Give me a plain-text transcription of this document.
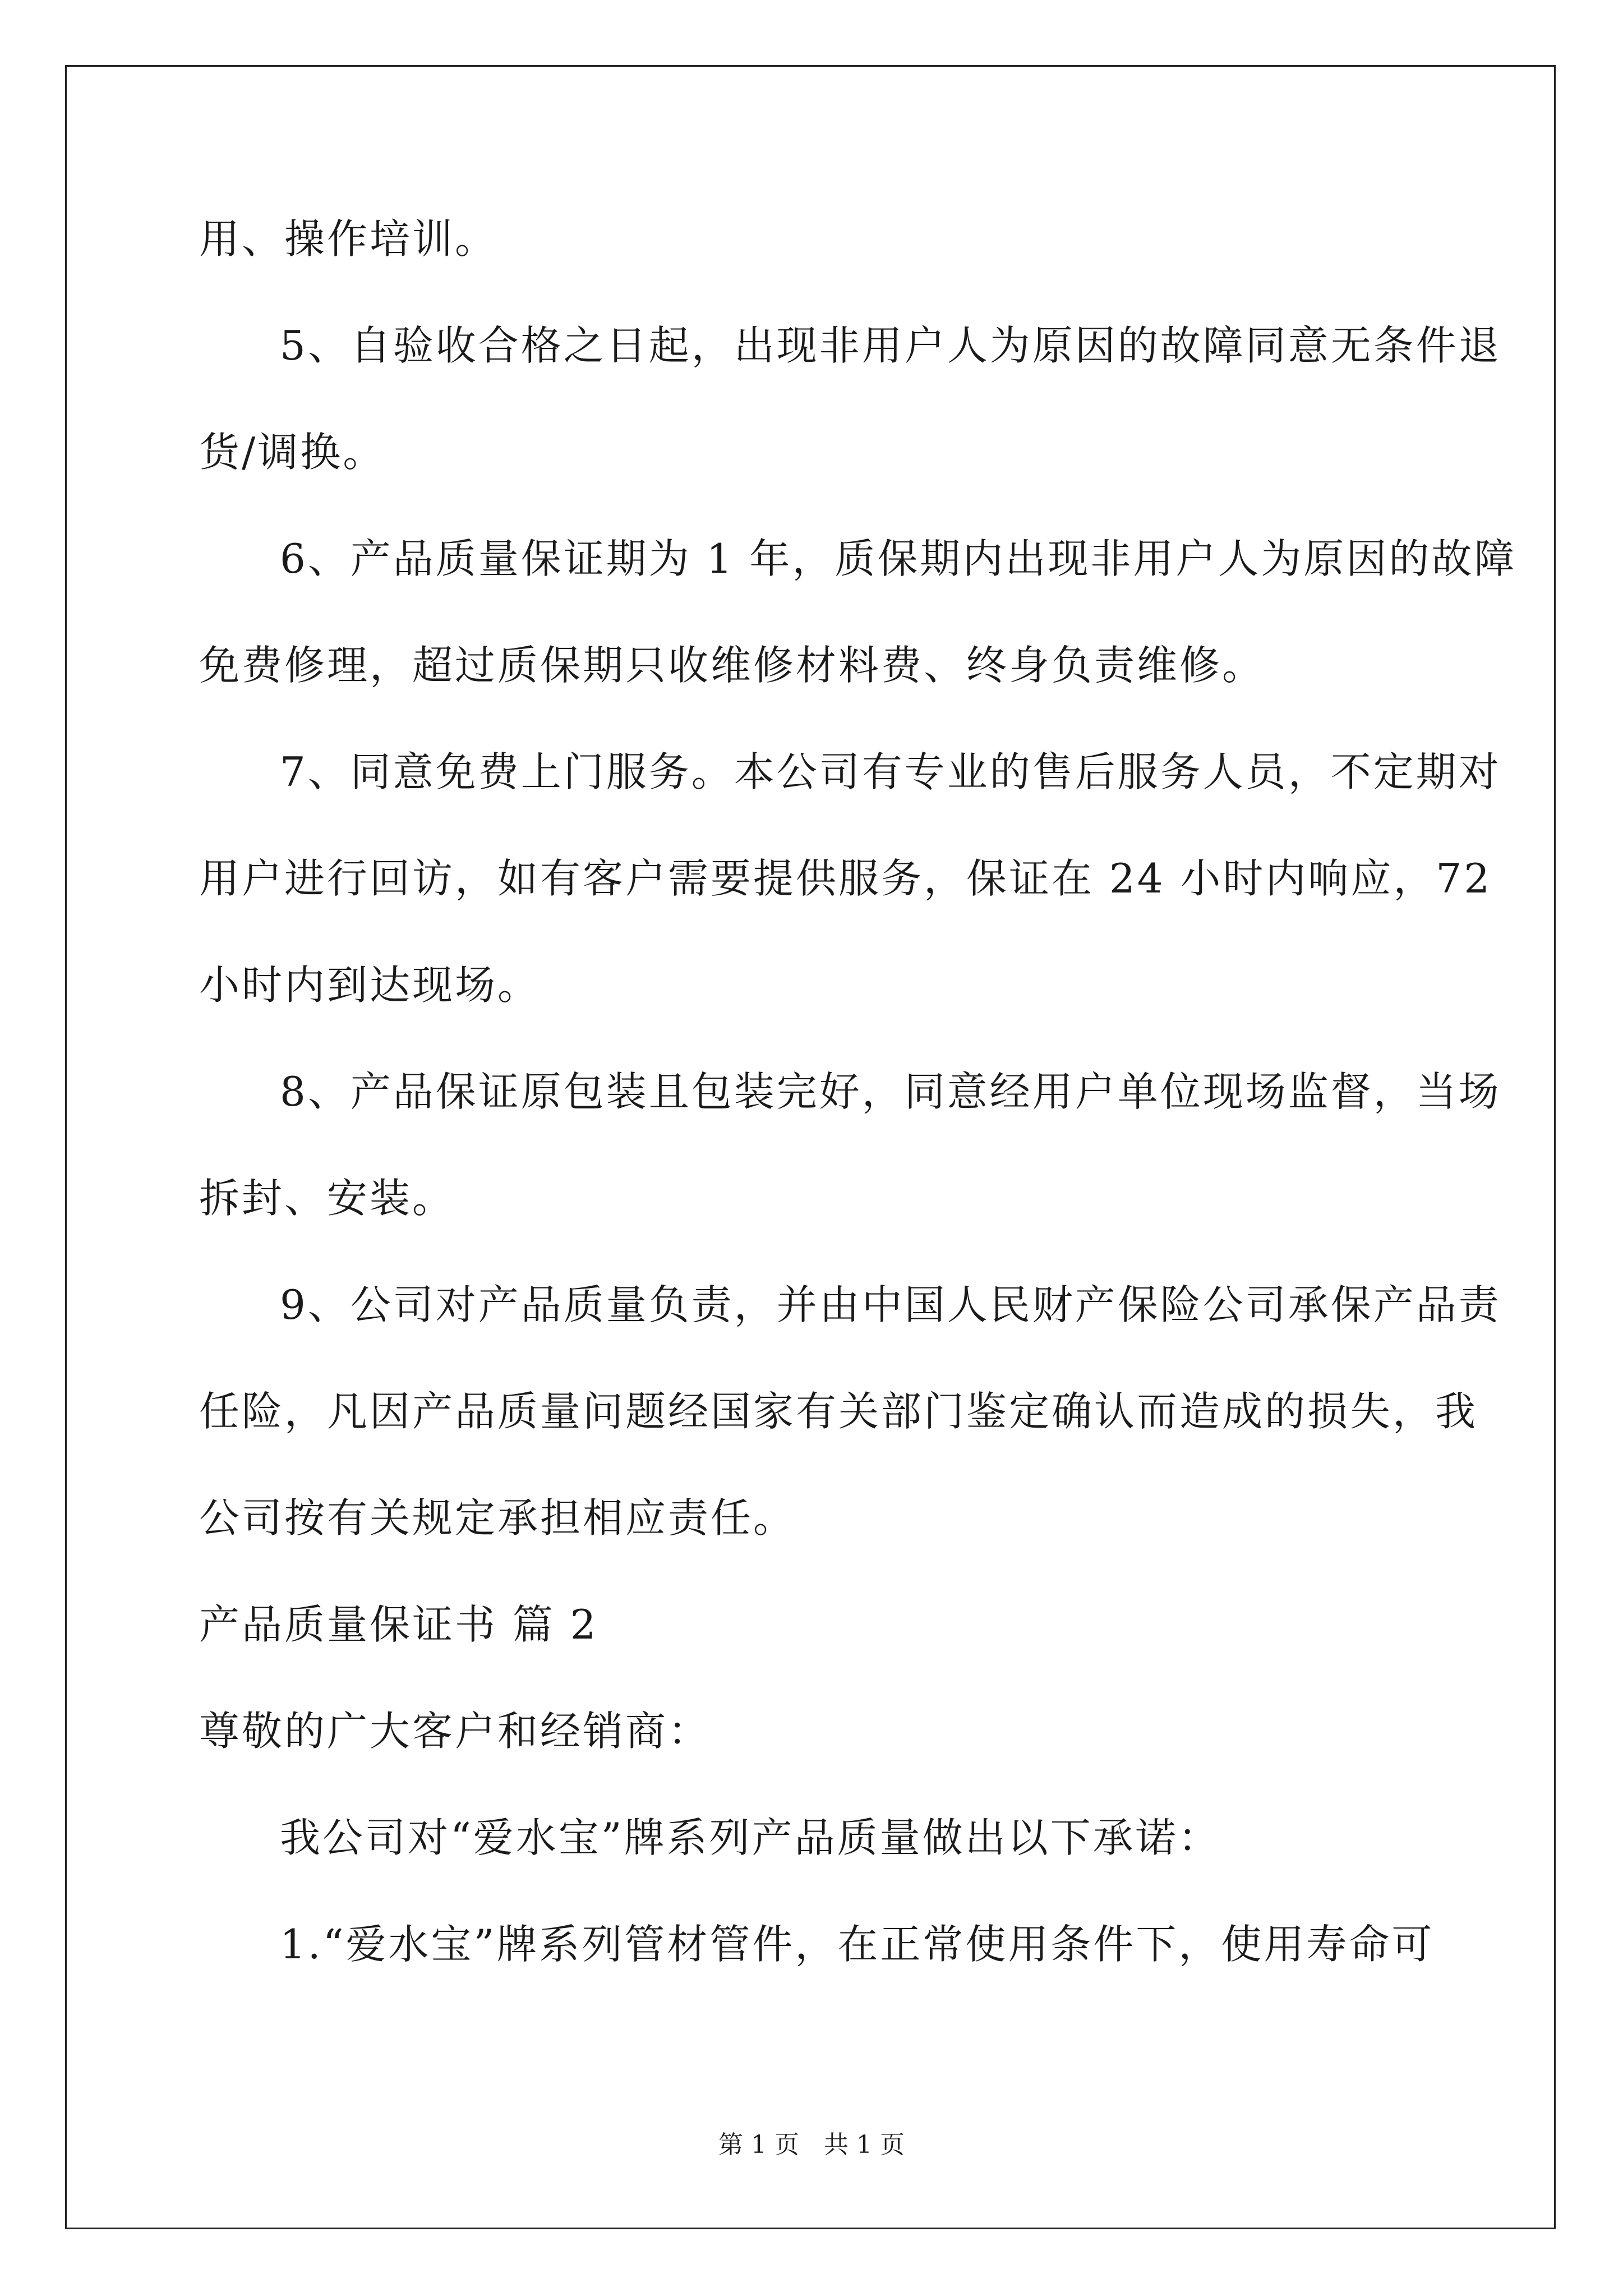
用、操作培训。
5、自验收合格之日起，出现非用户人为原因的故障同意无条件退
货/调换。
6、产品质量保证期为 1 年，质保期内出现非用户人为原因的故障
免费修理，超过质保期只收维修材料费、终身负责维修。
7、同意免费上门服务。本公司有专业的售后服务人员，不定期对
用户进行回访，如有客户需要提供服务，保证在 24 小时内响应，72
小时内到达现场。
8、产品保证原包装且包装完好，同意经用户单位现场监督，当场
拆封、安装。
9、公司对产品质量负责，并由中国人民财产保险公司承保产品责
任险，凡因产品质量问题经国家有关部门鉴定确认而造成的损失，我
公司按有关规定承担相应责任。
产品质量保证书 篇 2
尊敬的广大客户和经销商：
我公司对“爱水宝”牌系列产品质量做出以下承诺：
1.“爱水宝”牌系列管材管件，在正常使用条件下，使用寿命可
第 1 页　共 1 页
